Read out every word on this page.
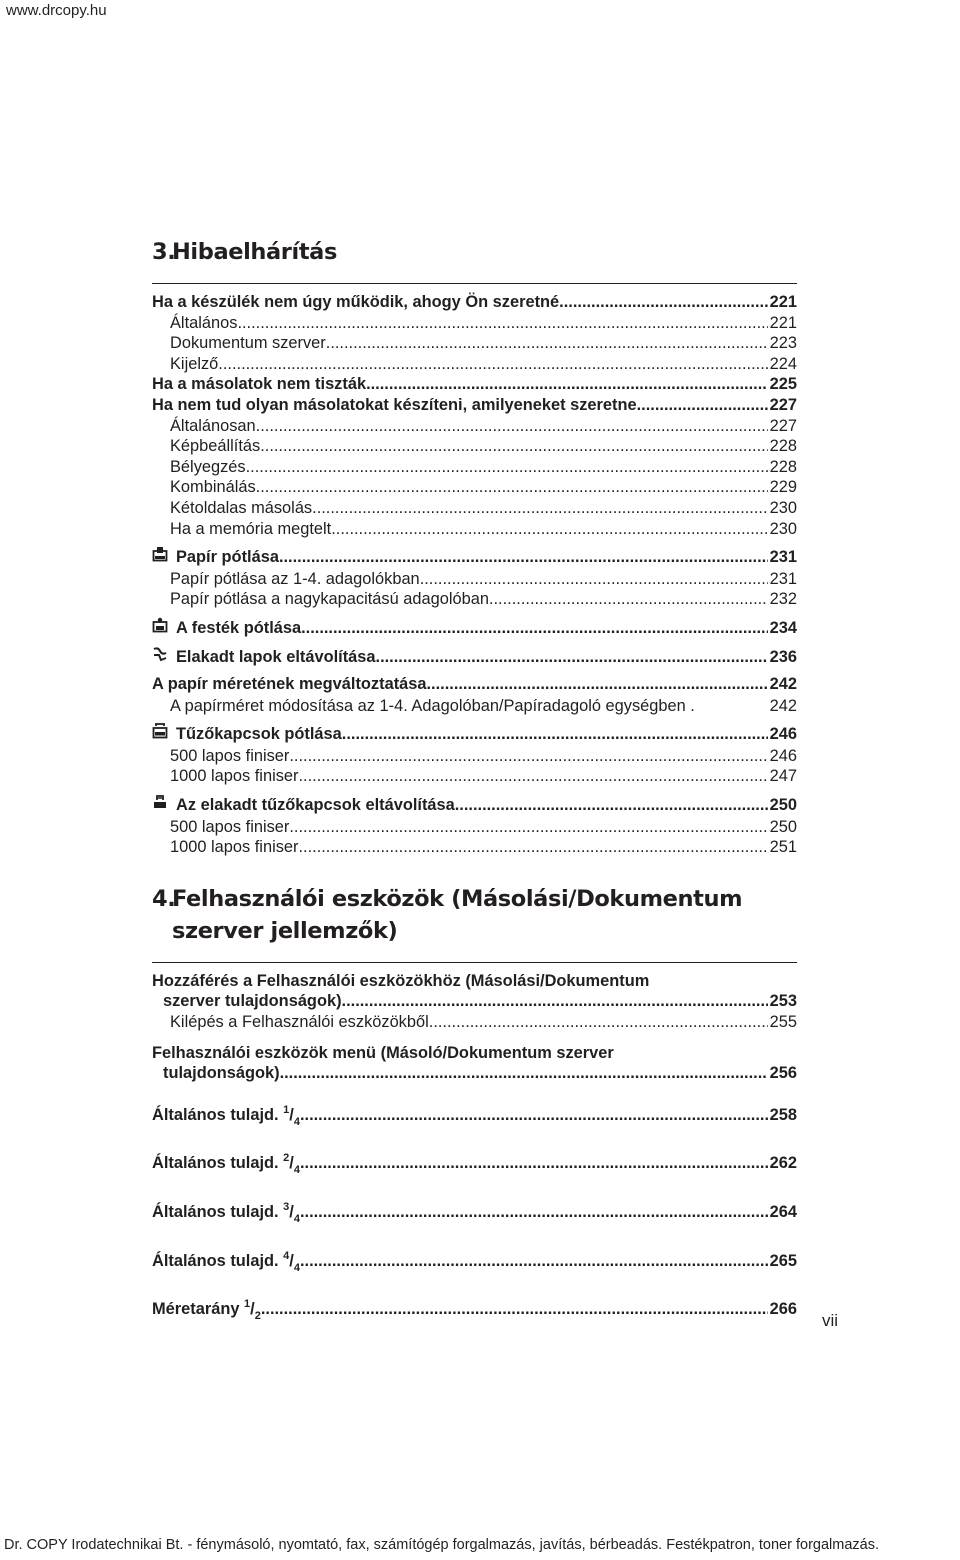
www.drcopy.hu
3.Hibaelhárítás
Ha a készülék nem úgy működik, ahogy Ön szeretné .....	221
Általános .....	221
Dokumentum szerver .....	223
Kijelző .....	224
Ha a másolatok nem tiszták .....	225
Ha nem tud olyan másolatokat készíteni, amilyeneket szeretne .....	227
Általánosan .....	227
Képbeállítás .....	228
Bélyegzés .....	228
Kombinálás .....	229
Kétoldalas másolás .....	230
Ha a memória megtelt .....	230
Papír pótlása .....	231
Papír pótlása az 1-4. adagolókban .....	231
Papír pótlása a nagykapacitású adagolóban .....	232
A festék pótlása .....	234
Elakadt lapok eltávolítása .....	236
A papír méretének megváltoztatása .....	242
A papírméret módosítása az 1-4. Adagolóban/Papíradagoló egységben .	242
Tűzőkapcsok pótlása .....	246
500 lapos finiser .....	246
1000 lapos finiser .....	247
Az elakadt tűzőkapcsok eltávolítása .....	250
500 lapos finiser .....	250
1000 lapos finiser .....	251
4.Felhasználói eszközök (Másolási/Dokumentum szerver jellemzők)
Hozzáférés a Felhasználói eszközökhöz (Másolási/Dokumentum
szerver tulajdonságok) .....	253
Kilépés a Felhasználói eszközökből .....	255
Felhasználói eszközök menü (Másoló/Dokumentum szerver
tulajdonságok) .....	256
Általános tulajd. $^1/_4$ .....	258
Általános tulajd. $^2/_4$ .....	262
Általános tulajd. $^3/_4$ .....	264
Általános tulajd. $^4/_4$ .....	265
Méretarány $^1/_2$ .....	266
vii
Dr. COPY Irodatechnikai Bt. - fénymásoló, nyomtató, fax, számítógép forgalmazás, javítás, bérbeadás. Festékpatron, toner forgalmazás.
